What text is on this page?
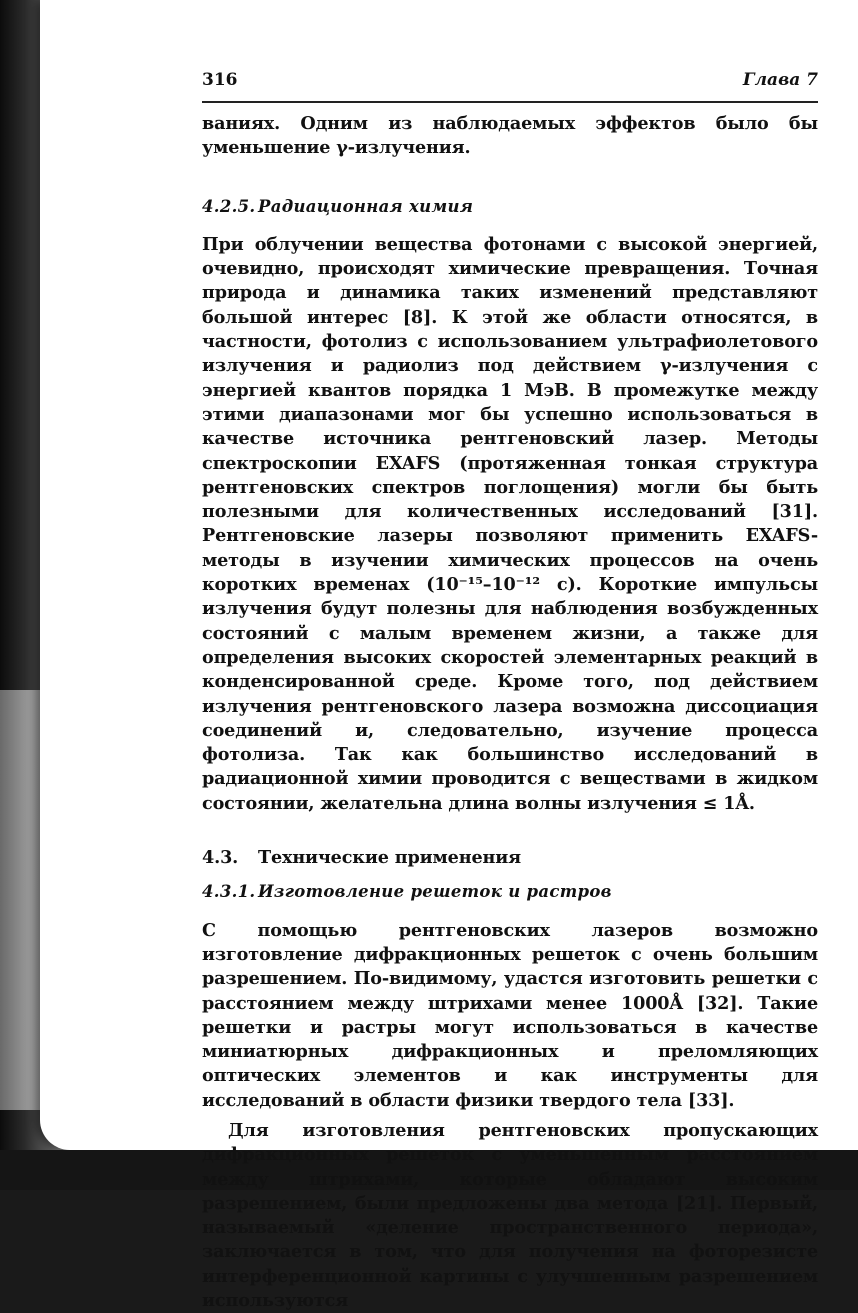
316	Глава 7

ваниях. Одним из наблюдаемых эффектов было бы уменьшение γ-излучения.

4.2.5. Радиационная химия

При облучении вещества фотонами с высокой энергией, очевидно, происходят химические превращения. Точная природа и динамика таких изменений представляют большой интерес [8]. К этой же области относятся, в частности, фотолиз с использованием ультрафиолетового излучения и радиолиз под действием γ-излучения с энергией квантов порядка 1 МэВ. В промежутке между этими диапазонами мог бы успешно использоваться в качестве источника рентгеновский лазер. Методы спектроскопии EXAFS (протяженная тонкая структура рентгеновских спектров поглощения) могли бы быть полезными для количественных исследований [31]. Рентгеновские лазеры позволяют применить EXAFS-методы в изучении химических процессов на очень коротких временах (10⁻¹⁵–10⁻¹² с). Короткие импульсы излучения будут полезны для наблюдения возбужденных состояний с малым временем жизни, а также для определения высоких скоростей элементарных реакций в конденсированной среде. Кроме того, под действием излучения рентгеновского лазера возможна диссоциация соединений и, следовательно, изучение процесса фотолиза. Так как большинство исследований в радиационной химии проводится с веществами в жидком состоянии, желательна длина волны излучения ≤ 1Å.

4.3. Технические применения
4.3.1. Изготовление решеток и растров

С помощью рентгеновских лазеров возможно изготовление дифракционных решеток с очень большим разрешением. По-видимому, удастся изготовить решетки с расстоянием между штрихами менее 1000Å [32]. Такие решетки и растры могут использоваться в качестве миниатюрных дифракционных и преломляющих оптических элементов и как инструменты для исследований в области физики твердого тела [33].

Для изготовления рентгеновских пропускающих дифракционных решеток с уменьшенным расстоянием между штрихами, которые обладают высоким разрешением, были предложены два метода [21]. Первый, называемый «деление пространственного периода», заключается в том, что для получения на фоторезисте интерференционной картины с улучшенным разрешением используются
